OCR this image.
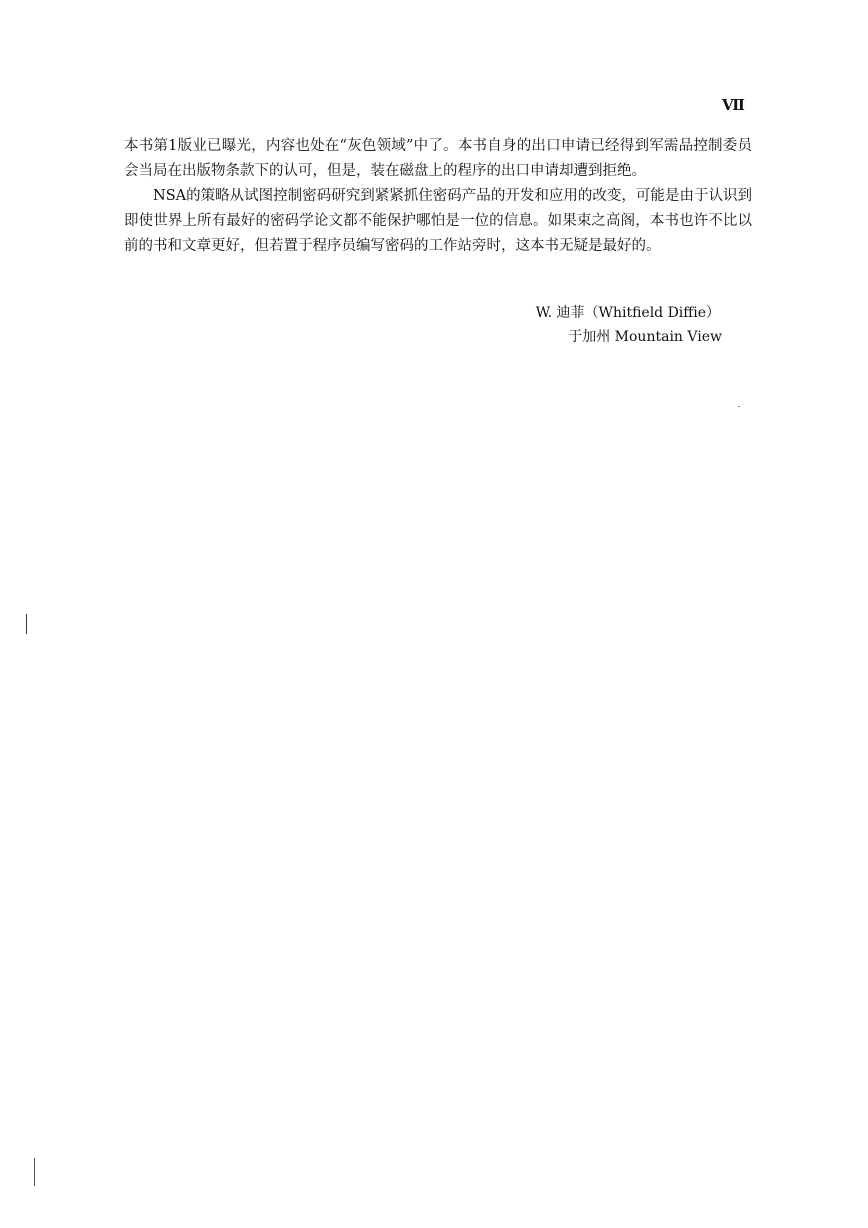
Ⅶ

本书第1版业已曝光，内容也处在“灰色领域”中了。本书自身的出口申请已经得到军需品控制委员会当局在出版物条款下的认可，但是，装在磁盘上的程序的出口申请却遭到拒绝。

NSA的策略从试图控制密码研究到紧紧抓住密码产品的开发和应用的改变，可能是由于认识到即使世界上所有最好的密码学论文都不能保护哪怕是一位的信息。如果束之高阁，本书也许不比以前的书和文章更好，但若置于程序员编写密码的工作站旁时，这本书无疑是最好的。

W. 迪菲（Whitfield Diffie）
于加州 Mountain View
